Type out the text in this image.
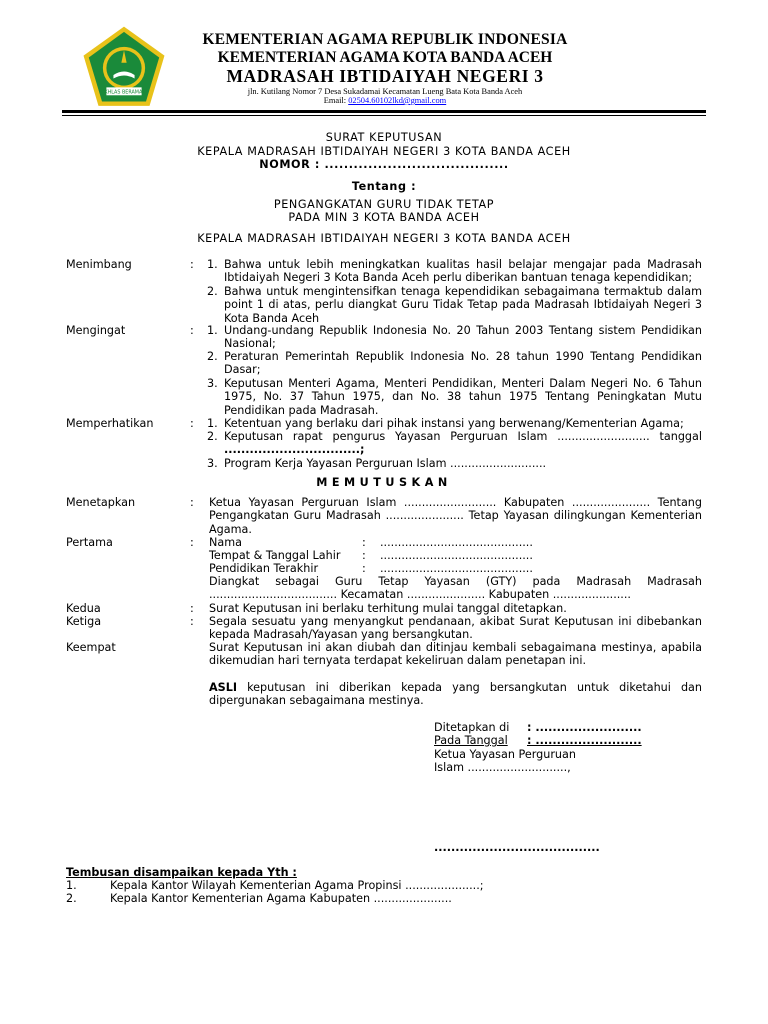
IKHLAS BERAMAL
KEMENTERIAN AGAMA REPUBLIK INDONESIA
KEMENTERIAN AGAMA KOTA BANDA ACEH
MADRASAH IBTIDAIYAH NEGERI 3
jln. Kutilang Nomor 7 Desa Sukadamai Kecamatan Lueng Bata Kota Banda Aceh
Email: 02504.60102lkd@gmail.com
SURAT KEPUTUSAN
KEPALA MADRASAH IBTIDAIYAH NEGERI 3 KOTA BANDA ACEH
NOMOR : ......................................
Tentang :
PENGANGKATAN GURU TIDAK TETAP
PADA MIN 3 KOTA BANDA ACEH
KEPALA MADRASAH IBTIDAIYAH NEGERI 3 KOTA BANDA ACEH
Menimbang	: 1. Bahwa untuk lebih meningkatkan kualitas hasil belajar mengajar pada Madrasah Ibtidaiyah Negeri 3 Kota Banda Aceh perlu diberikan bantuan tenaga kependidikan;
2. Bahwa untuk mengintensifkan tenaga kependidikan sebagaimana termaktub dalam point 1 di atas, perlu diangkat Guru Tidak Tetap pada Madrasah Ibtidaiyah Negeri 3 Kota Banda Aceh
Mengingat	: 1. Undang-undang Republik Indonesia No. 20 Tahun 2003 Tentang sistem Pendidikan Nasional;
2. Peraturan Pemerintah Republik Indonesia No. 28 tahun 1990 Tentang Pendidikan Dasar;
3. Keputusan Menteri Agama, Menteri Pendidikan, Menteri Dalam Negeri No. 6 Tahun 1975, No. 37 Tahun 1975, dan No. 38 tahun 1975 Tentang Peningkatan Mutu Pendidikan pada Madrasah.
Memperhatikan	: 1. Ketentuan yang berlaku dari pihak instansi yang berwenang/Kementerian Agama;
2. Keputusan rapat pengurus Yayasan Perguruan Islam .......................... tanggal
................................;
3. Program Kerja Yayasan Perguruan Islam ...........................
MEMUTUSKAN
Menetapkan	: Ketua Yayasan Perguruan Islam .......................... Kabupaten ...................... Tentang Pengangkatan Guru Madrasah ...................... Tetap Yayasan dilingkungan Kementerian Agama.
Pertama	: Nama	: ...........................................
Tempat & Tanggal Lahir : ...........................................
Pendidikan Terakhir	: ...........................................
Diangkat sebagai Guru Tetap Yayasan (GTY) pada Madrasah Madrasah .................................... Kecamatan ...................... Kabupaten ......................
Kedua	: Surat Keputusan ini berlaku terhitung mulai tanggal ditetapkan.
Ketiga	: Segala sesuatu yang menyangkut pendanaan, akibat Surat Keputusan ini dibebankan kepada Madrasah/Yayasan yang bersangkutan.
Keempat	Surat Keputusan ini akan diubah dan ditinjau kembali sebagaimana mestinya, apabila dikemudian hari ternyata terdapat kekeliruan dalam penetapan ini.
ASLI keputusan ini diberikan kepada yang bersangkutan untuk diketahui dan dipergunakan sebagaimana mestinya.
Ditetapkan di : .........................
Pada Tanggal	: .........................
Ketua Yayasan Perguruan
Islam ............................,
.......................................
Tembusan disampaikan kepada Yth :
1.	Kepala Kantor Wilayah Kementerian Agama Propinsi .....................;
2.	Kepala Kantor Kementerian Agama Kabupaten ......................
